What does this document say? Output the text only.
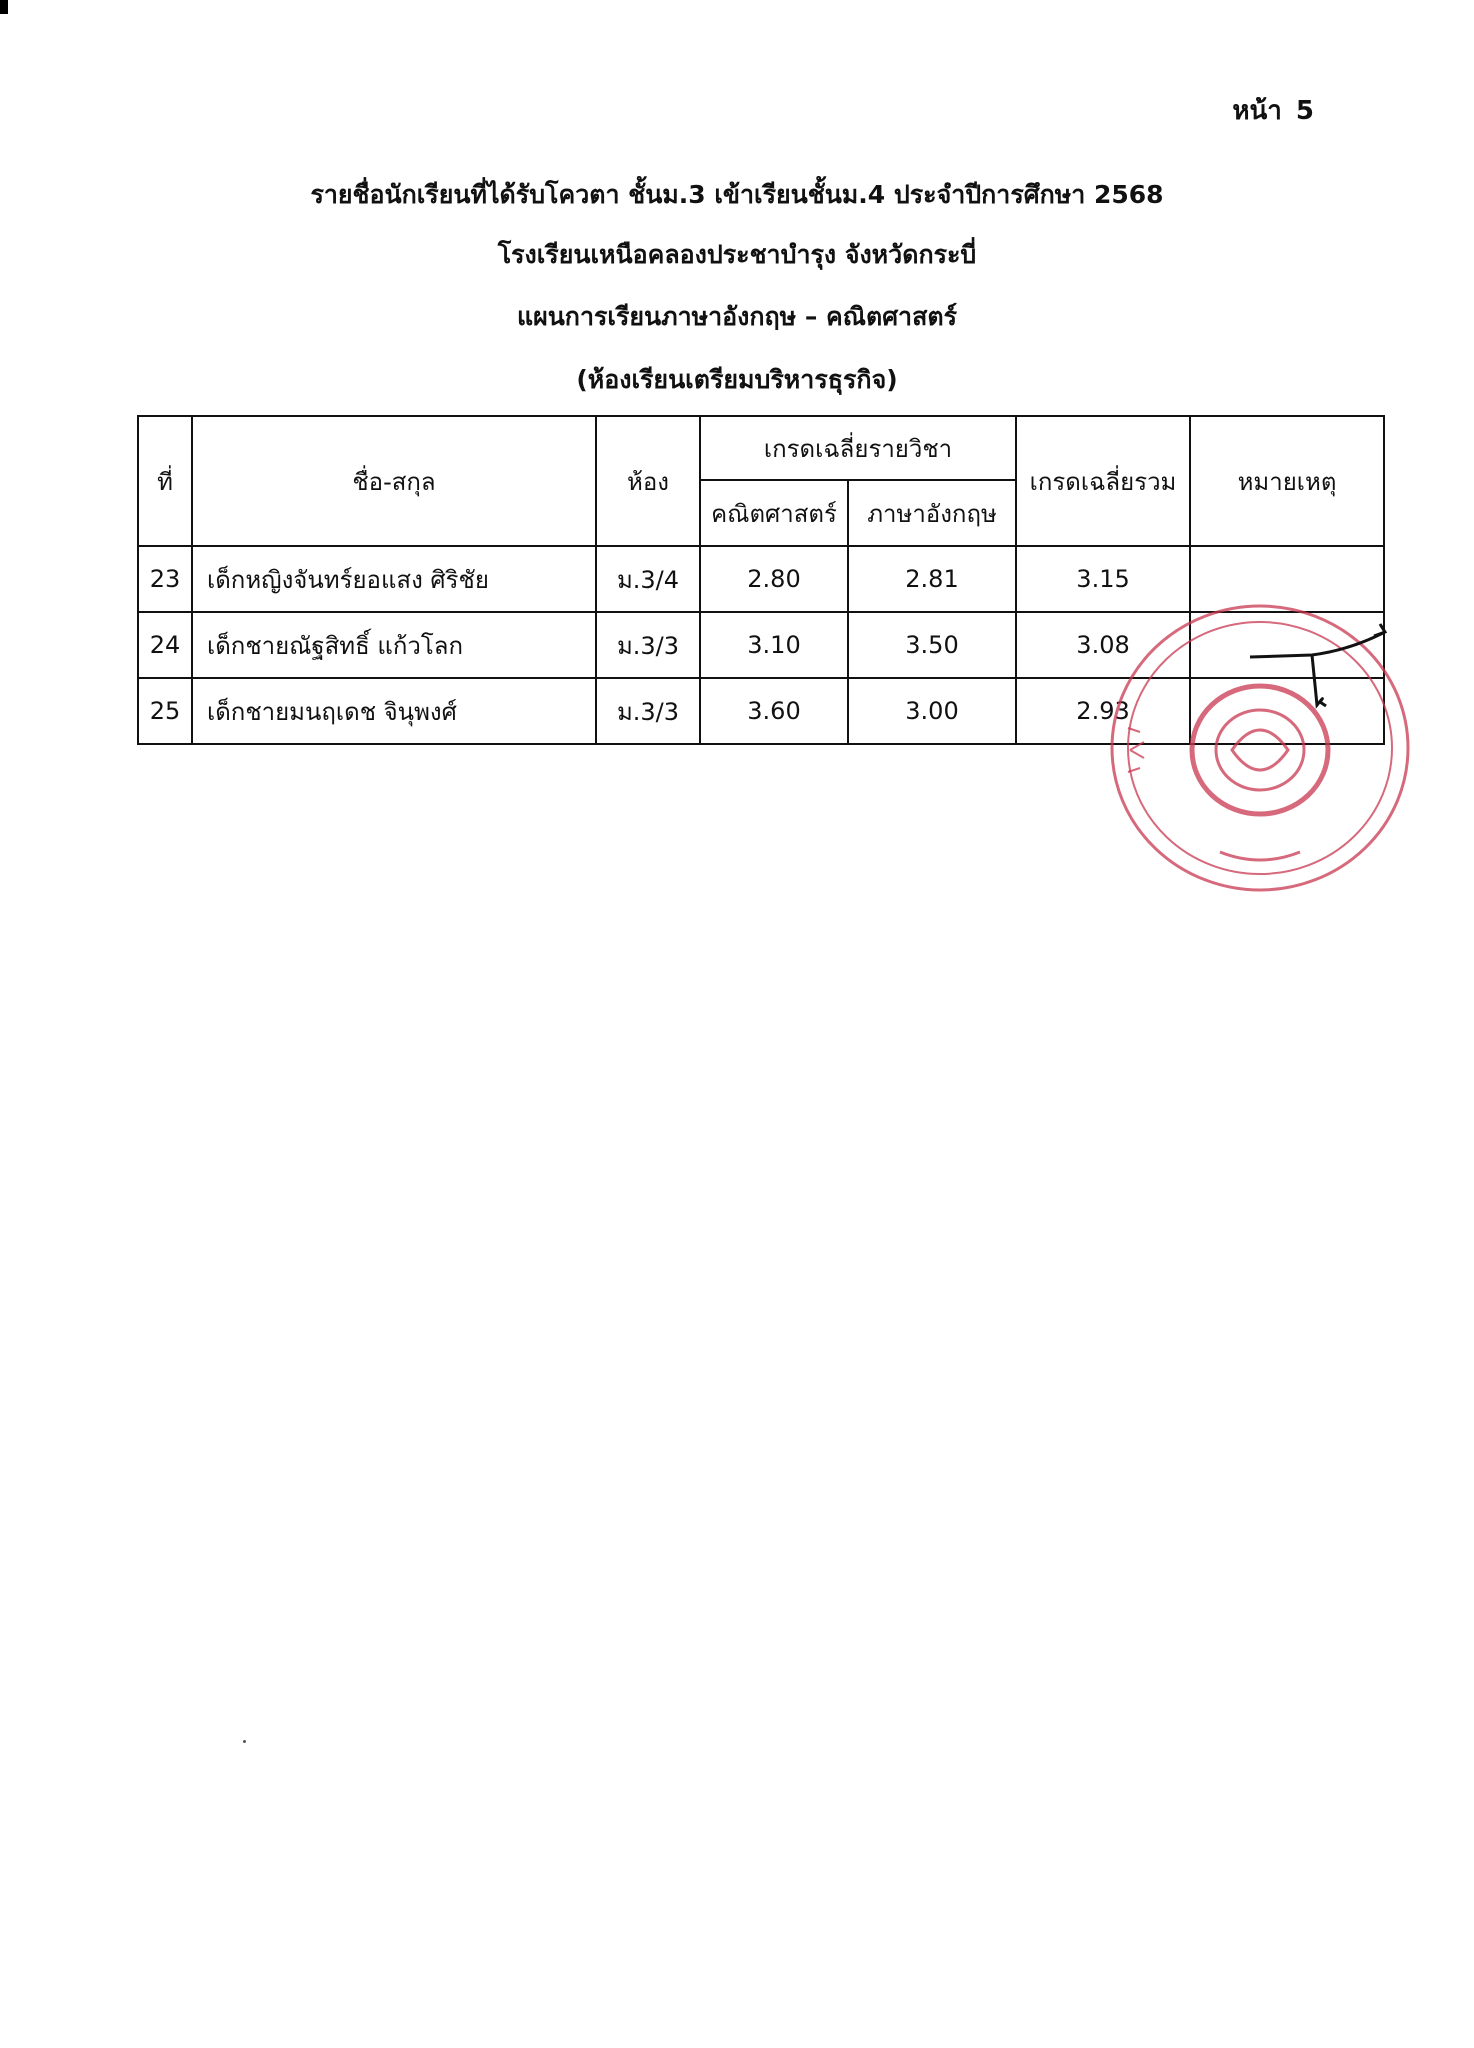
หน้า 5
รายชื่อนักเรียนที่ได้รับโควตา ชั้นม.3 เข้าเรียนชั้นม.4 ประจำปีการศึกษา 2568
โรงเรียนเหนือคลองประชาบำรุง จังหวัดกระบี่
แผนการเรียนภาษาอังกฤษ – คณิตศาสตร์
(ห้องเรียนเตรียมบริหารธุรกิจ)
ที่	ชื่อ-สกุล	ห้อง	เกรดเฉลี่ยรายวิชา		เกรดเฉลี่ยรวม	หมายเหตุ
			คณิตศาสตร์	ภาษาอังกฤษ		
23	เด็กหญิงจันทร์ยอแสง ศิริชัย	ม.3/4	2.80	2.81	3.15	
24	เด็กชายณัฐสิทธิ์ แก้วโลก	ม.3/3	3.10	3.50	3.08	
25	เด็กชายมนฤเดช จินุพงศ์	ม.3/3	3.60	3.00	2.93	
